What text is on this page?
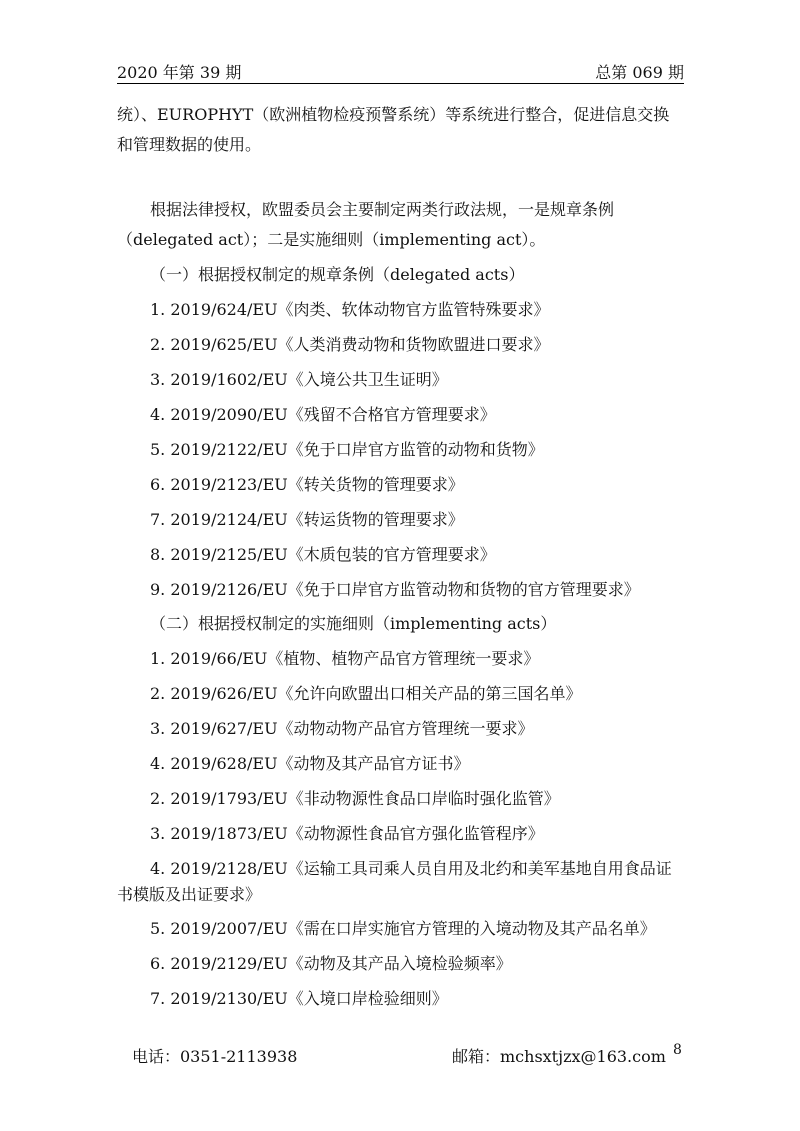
2020 年第 39 期	总第 069 期
统）、EUROPHYT（欧洲植物检疫预警系统）等系统进行整合，促进信息交换
和管理数据的使用。
根据法律授权，欧盟委员会主要制定两类行政法规，一是规章条例
（delegated act）；二是实施细则（implementing act）。
（一）根据授权制定的规章条例（delegated acts）
1. 2019/624/EU《肉类、软体动物官方监管特殊要求》
2. 2019/625/EU《人类消费动物和货物欧盟进口要求》
3. 2019/1602/EU《入境公共卫生证明》
4. 2019/2090/EU《残留不合格官方管理要求》
5. 2019/2122/EU《免于口岸官方监管的动物和货物》
6. 2019/2123/EU《转关货物的管理要求》
7. 2019/2124/EU《转运货物的管理要求》
8. 2019/2125/EU《木质包装的官方管理要求》
9. 2019/2126/EU《免于口岸官方监管动物和货物的官方管理要求》
（二）根据授权制定的实施细则（implementing acts）
1. 2019/66/EU《植物、植物产品官方管理统一要求》
2. 2019/626/EU《允许向欧盟出口相关产品的第三国名单》
3. 2019/627/EU《动物动物产品官方管理统一要求》
4. 2019/628/EU《动物及其产品官方证书》
2. 2019/1793/EU《非动物源性食品口岸临时强化监管》
3. 2019/1873/EU《动物源性食品官方强化监管程序》
4. 2019/2128/EU《运输工具司乘人员自用及北约和美军基地自用食品证
书模版及出证要求》
5. 2019/2007/EU《需在口岸实施官方管理的入境动物及其产品名单》
6. 2019/2129/EU《动物及其产品入境检验频率》
7. 2019/2130/EU《入境口岸检验细则》
电话：0351-2113938	邮箱：mchsxtjzx@163.com 8
